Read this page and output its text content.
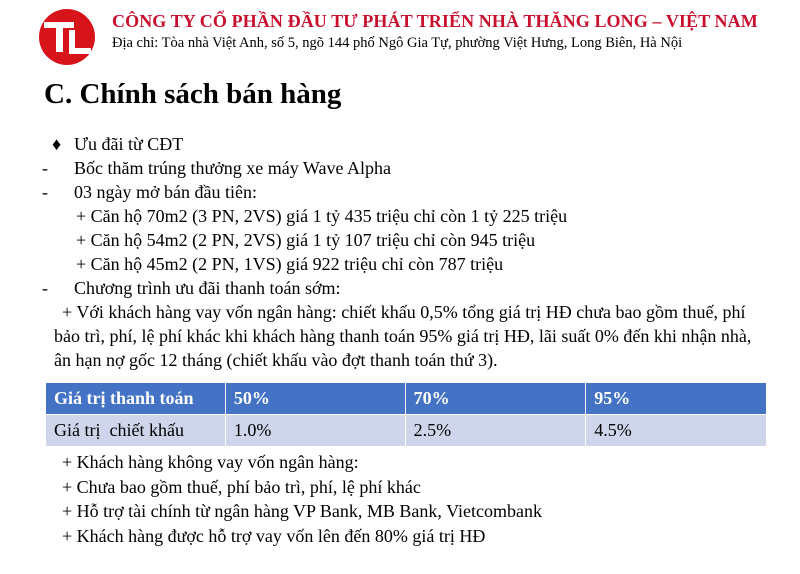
CÔNG TY CỔ PHẦN ĐẦU TƯ PHÁT TRIỂN NHÀ THĂNG LONG – VIỆT NAM
Địa chỉ: Tòa nhà Việt Anh, số 5, ngõ 144 phố Ngô Gia Tự, phường Việt Hưng, Long Biên, Hà Nội
C. Chính sách bán hàng
♦ Ưu đãi từ CĐT
-	Bốc thăm trúng thưởng xe máy Wave Alpha
-	03 ngày mở bán đầu tiên:
+ Căn hộ 70m2 (3 PN, 2VS) giá 1 tỷ 435 triệu chỉ còn 1 tỷ 225 triệu
+ Căn hộ 54m2 (2 PN, 2VS) giá 1 tỷ 107 triệu chỉ còn 945 triệu
+ Căn hộ 45m2 (2 PN, 1VS) giá 922 triệu chỉ còn 787 triệu
-	Chương trình ưu đãi thanh toán sớm:
+ Với khách hàng vay vốn ngân hàng: chiết khấu 0,5% tổng giá trị HĐ chưa bao gồm thuế, phí bảo trì, phí, lệ phí khác khi khách hàng thanh toán 95% giá trị HĐ, lãi suất 0% đến khi nhận nhà, ân hạn nợ gốc 12 tháng (chiết khấu vào đợt thanh toán thứ 3).
Giá trị thanh toán	50%	70%	95%
Giá trị  chiết khấu	1.0%	2.5%	4.5%
+ Khách hàng không vay vốn ngân hàng:
+ Chưa bao gồm thuế, phí bảo trì, phí, lệ phí khác
+ Hỗ trợ tài chính từ ngân hàng VP Bank, MB Bank, Vietcombank
+ Khách hàng được hỗ trợ vay vốn lên đến 80% giá trị HĐ
